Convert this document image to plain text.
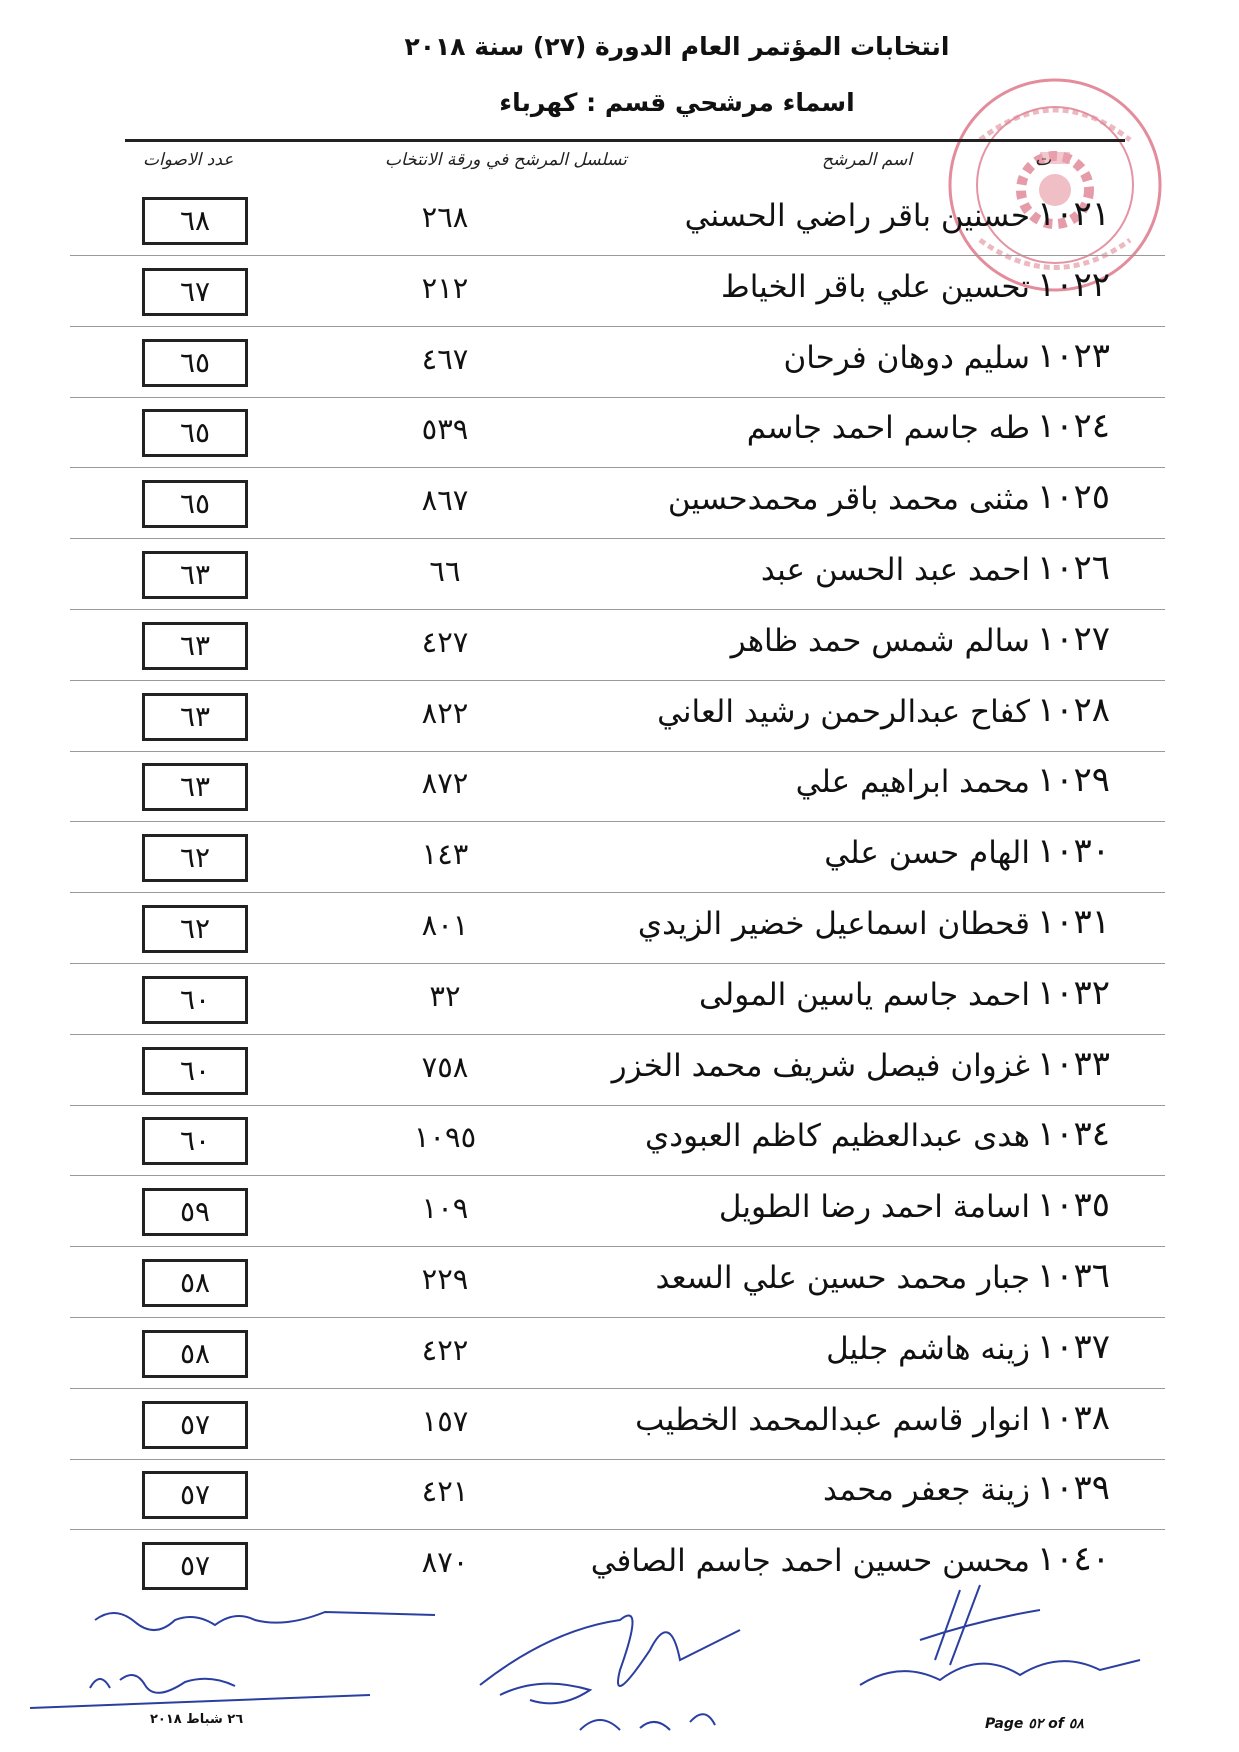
انتخابات المؤتمر العام الدورة (٢٧) سنة ٢٠١٨
اسماء مرشحي قسم : كهرباء
ت
اسم المرشح
تسلسل المرشح في ورقة الانتخاب
عدد الاصوات
١٠٢١
حسنين باقر راضي الحسني
٢٦٨
٦٨
١٠٢٢
تحسين علي باقر الخياط
٢١٢
٦٧
١٠٢٣
سليم دوهان فرحان
٤٦٧
٦٥
١٠٢٤
طه جاسم احمد جاسم
٥٣٩
٦٥
١٠٢٥
مثنى محمد باقر محمدحسين
٨٦٧
٦٥
١٠٢٦
احمد عبد الحسن عبد
٦٦
٦٣
١٠٢٧
سالم شمس حمد ظاهر
٤٢٧
٦٣
١٠٢٨
كفاح عبدالرحمن رشيد العاني
٨٢٢
٦٣
١٠٢٩
محمد ابراهيم علي
٨٧٢
٦٣
١٠٣٠
الهام حسن علي
١٤٣
٦٢
١٠٣١
قحطان اسماعيل خضير الزيدي
٨٠١
٦٢
١٠٣٢
احمد جاسم ياسين المولى
٣٢
٦٠
١٠٣٣
غزوان فيصل شريف محمد الخزر
٧٥٨
٦٠
١٠٣٤
هدى عبدالعظيم كاظم العبودي
١٠٩٥
٦٠
١٠٣٥
اسامة احمد رضا الطويل
١٠٩
٥٩
١٠٣٦
جبار محمد حسين علي السعد
٢٢٩
٥٨
١٠٣٧
زينه هاشم جليل
٤٢٢
٥٨
١٠٣٨
انوار قاسم عبدالمحمد الخطيب
١٥٧
٥٧
١٠٣٩
زينة جعفر محمد
٤٢١
٥٧
١٠٤٠
محسن حسين احمد جاسم الصافي
٨٧٠
٥٧
٢٦ شباط ٢٠١٨	Page ٥٢ of ٥٨
